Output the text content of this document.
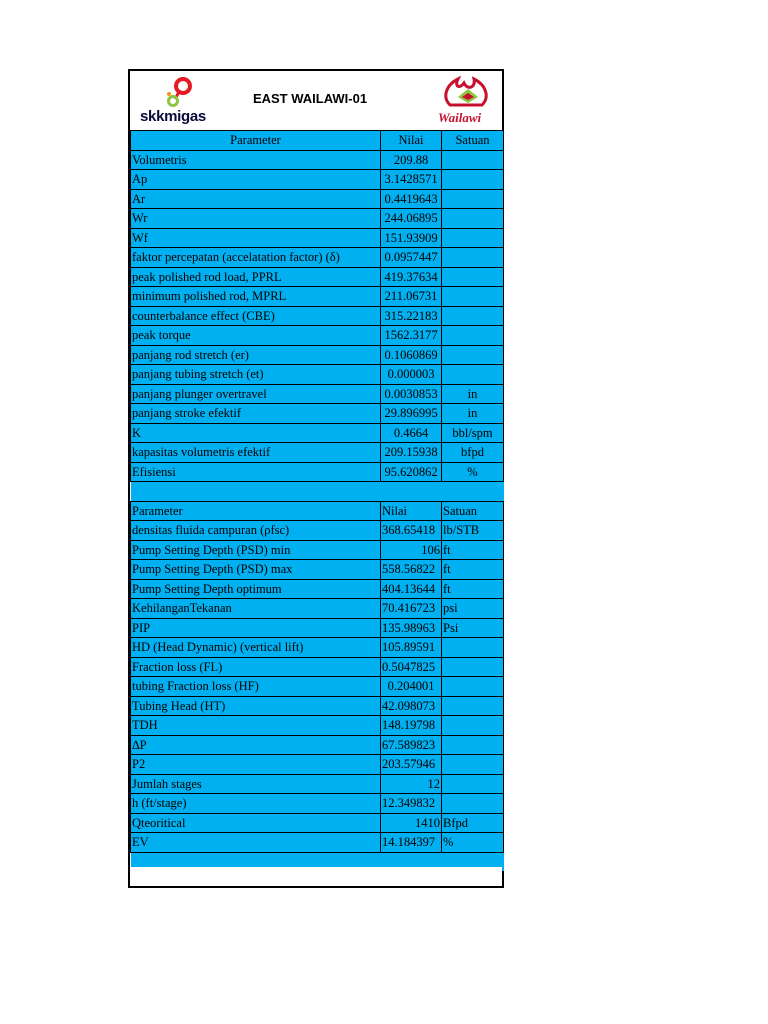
skkmigas
EAST WAILAWI-01
Wailawi
Parameter	Nilai	Satuan
Volumetris	209.88	
Ap	3.1428571	
Ar	0.4419643	
Wr	244.06895	
Wf	151.93909	
faktor percepatan (accelatation factor) (δ)	0.0957447	
peak polished rod load, PPRL	419.37634	
minimum polished rod, MPRL	211.06731	
counterbalance effect (CBE)	315.22183	
peak torque	1562.3177	
panjang rod stretch (er)	0.1060869	
panjang tubing stretch (et)	0.000003	
panjang plunger overtravel	0.0030853	in
panjang stroke efektif	29.896995	in
K	0.4664	bbl/spm
kapasitas volumetris efektif	209.15938	bfpd
Efisiensi	95.620862	%

Parameter	Nilai	Satuan
densitas fluida campuran (ρfsc)	368.65418	lb/STB
Pump Setting Depth (PSD) min	106	ft
Pump Setting Depth (PSD) max	558.56822	ft
Pump Setting Depth optimum	404.13644	ft
KehilanganTekanan	70.416723	psi
PIP	135.98963	Psi
HD (Head Dynamic) (vertical lift)	105.89591	
Fraction loss (FL)	0.5047825	
tubing Fraction loss (HF)	0.204001	
Tubing Head (HT)	42.098073	
TDH	148.19798	
∆P	67.589823	
P2	203.57946	
Jumlah stages	12	
h (ft/stage)	12.349832	
Qteoritical	1410	Bfpd
EV	14.184397	%
